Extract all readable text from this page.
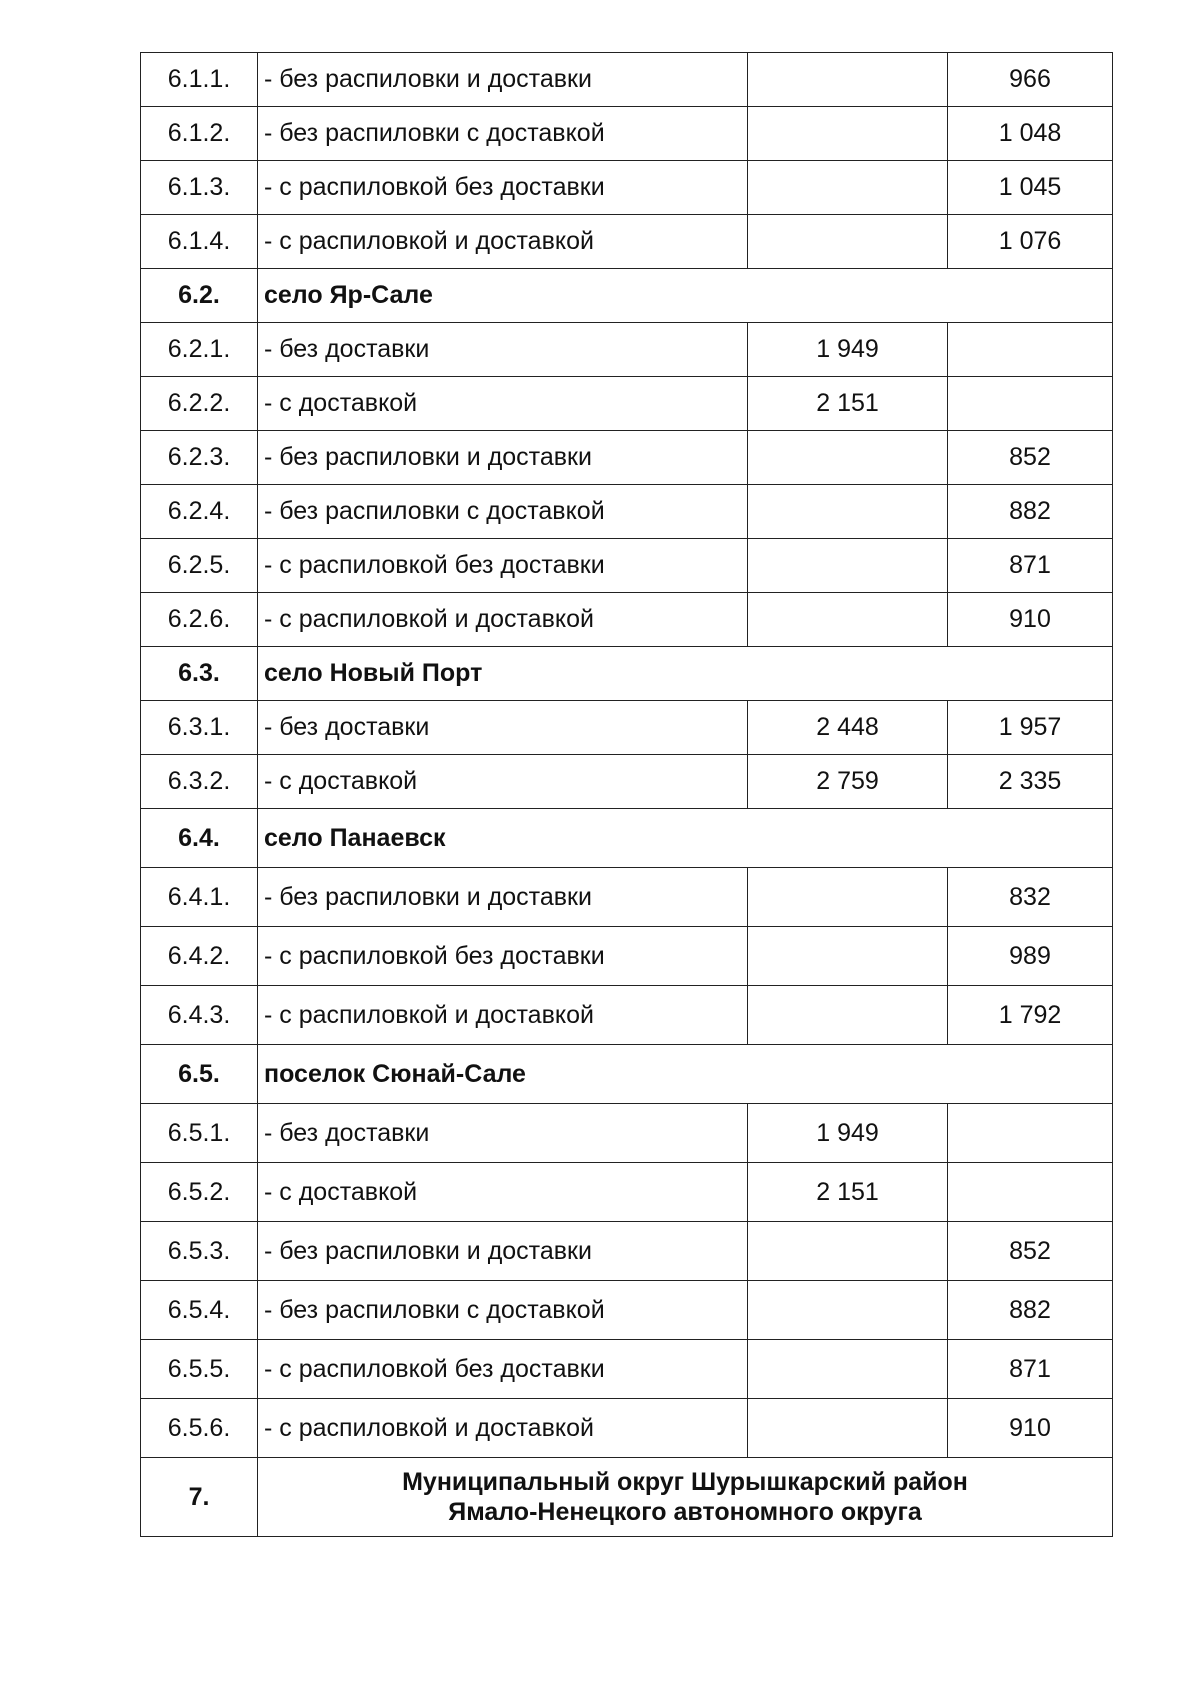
6.1.1.	- без распиловки и доставки		966
6.1.2.	- без распиловки с доставкой		1 048
6.1.3.	- с распиловкой без доставки		1 045
6.1.4.	- с распиловкой и доставкой		1 076
6.2.	село Яр-Сале		
6.2.1.	- без доставки	1 949	
6.2.2.	- с доставкой	2 151	
6.2.3.	- без распиловки и доставки		852
6.2.4.	- без распиловки с доставкой		882
6.2.5.	- с распиловкой без доставки		871
6.2.6.	- с распиловкой и доставкой		910
6.3.	село Новый Порт		
6.3.1.	- без доставки	2 448	1 957
6.3.2.	- с доставкой	2 759	2 335
6.4.	село Панаевск		
6.4.1.	- без распиловки и доставки		832
6.4.2.	- с распиловкой без доставки		989
6.4.3.	- с распиловкой и доставкой		1 792
6.5.	поселок Сюнай-Сале		
6.5.1.	- без доставки	1 949	
6.5.2.	- с доставкой	2 151	
6.5.3.	- без распиловки и доставки		852
6.5.4.	- без распиловки с доставкой		882
6.5.5.	- с распиловкой без доставки		871
6.5.6.	- с распиловкой и доставкой		910
7.	Муниципальный округ Шурышкарский район
Ямало-Ненецкого автономного округа		
